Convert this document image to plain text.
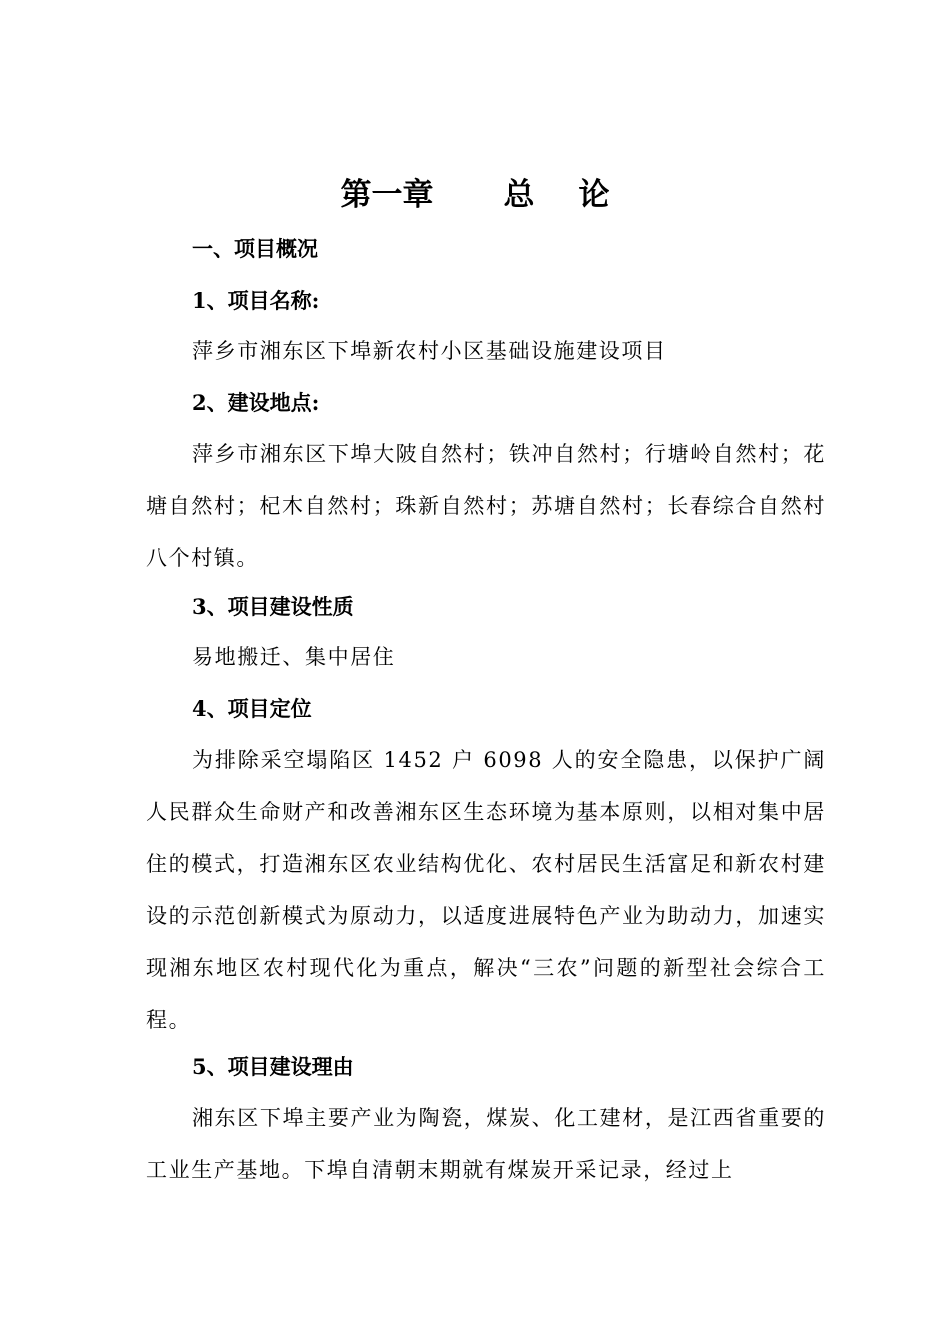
第一章 总 论
一、项目概况
1、项目名称:
萍乡市湘东区下埠新农村小区基础设施建设项目
2、建设地点:
萍乡市湘东区下埠大陂自然村；铁冲自然村；行塘岭自然村；花塘自然村；杞木自然村；珠新自然村；苏塘自然村；长春综合自然村八个村镇。
3、项目建设性质
易地搬迁、集中居住
4、项目定位
为排除采空塌陷区 1452 户 6098 人的安全隐患，以保护广阔人民群众生命财产和改善湘东区生态环境为基本原则，以相对集中居住的模式，打造湘东区农业结构优化、农村居民生活富足和新农村建设的示范创新模式为原动力，以适度进展特色产业为助动力，加速实现湘东地区农村现代化为重点，解决“三农”问题的新型社会综合工程。
5、项目建设理由
湘东区下埠主要产业为陶瓷，煤炭、化工建材，是江西省重要的工业生产基地。下埠自清朝末期就有煤炭开采记录，经过上
